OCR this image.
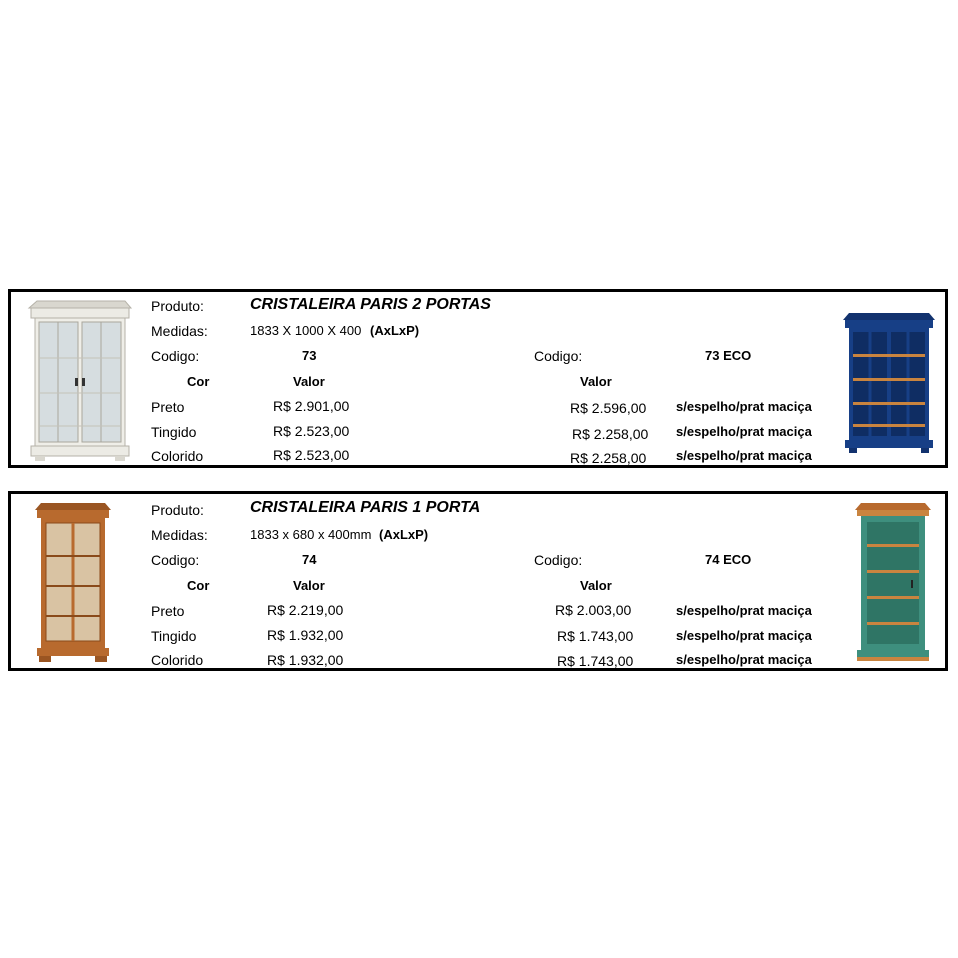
Produto:	CRISTALEIRA PARIS 2 PORTAS
Medidas:	1833 X 1000 X 400 (AxLxP)
Codigo:	73	Codigo:	73 ECO
Cor	Valor	Valor
Preto	R$ 2.901,00	R$ 2.596,00 s/espelho/prat maciça
Tingido	R$ 2.523,00	R$ 2.258,00 s/espelho/prat maciça
Colorido	R$ 2.523,00	R$ 2.258,00 s/espelho/prat maciça
Produto:	CRISTALEIRA PARIS 1 PORTA
Medidas:	1833 x 680 x 400mm (AxLxP)
Codigo:	74	Codigo:	74 ECO
Cor	Valor	Valor
Preto	R$ 2.219,00	R$ 2.003,00	s/espelho/prat maciça
Tingido	R$ 1.932,00	R$ 1.743,00	s/espelho/prat maciça
Colorido	R$ 1.932,00	R$ 1.743,00	s/espelho/prat maciça
